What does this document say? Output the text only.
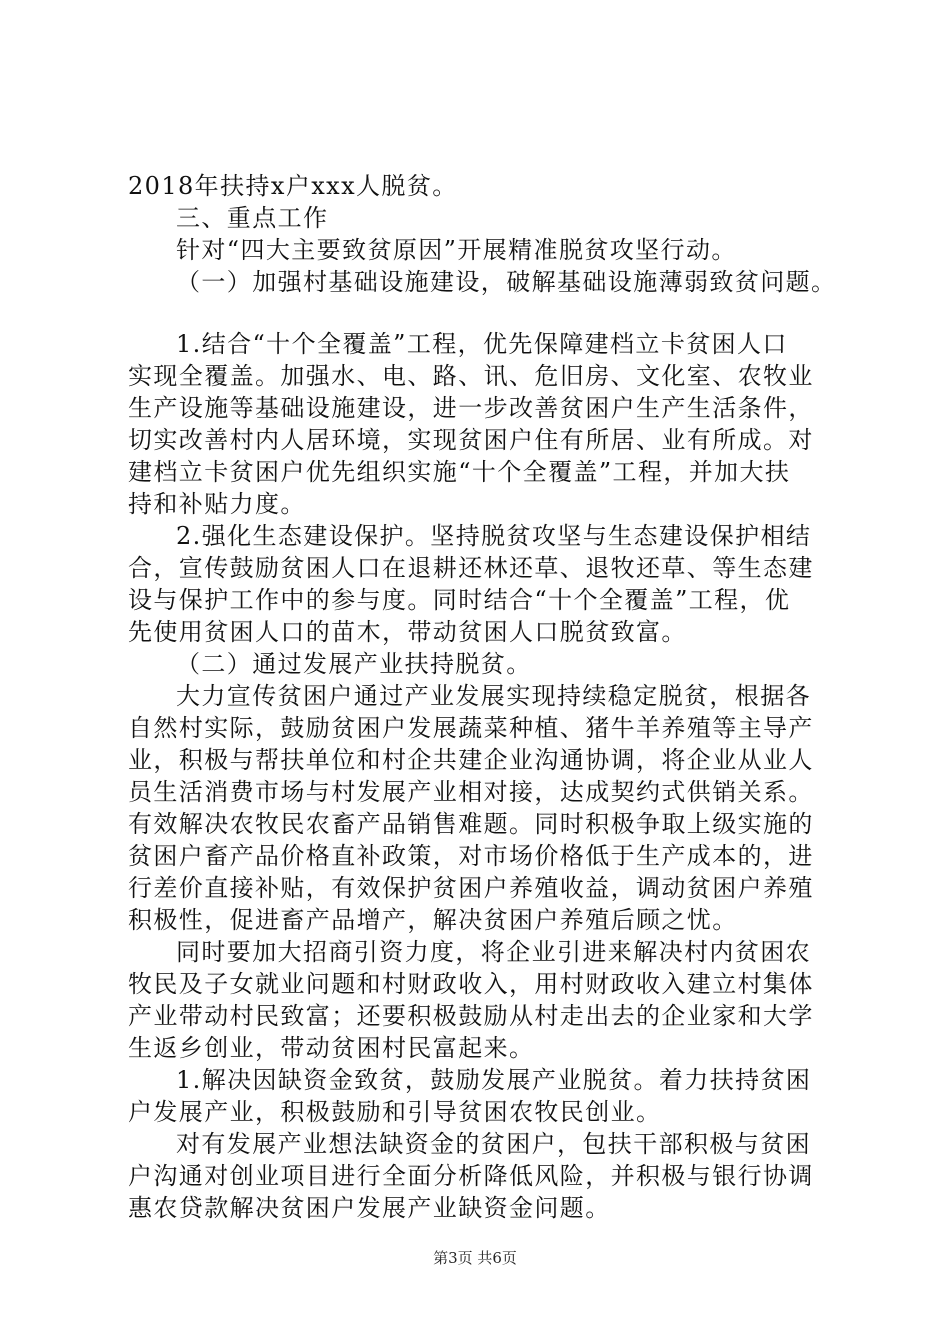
2018年扶持x户xxx人脱贫。
三、重点工作
针对“四大主要致贫原因”开展精准脱贫攻坚行动。
（一）加强村基础设施建设，破解基础设施薄弱致贫问题。
1.结合“十个全覆盖”工程，优先保障建档立卡贫困人口
实现全覆盖。加强水、电、路、讯、危旧房、文化室、农牧业
生产设施等基础设施建设，进一步改善贫困户生产生活条件，
切实改善村内人居环境，实现贫困户住有所居、业有所成。对
建档立卡贫困户优先组织实施“十个全覆盖”工程，并加大扶
持和补贴力度。
2.强化生态建设保护。坚持脱贫攻坚与生态建设保护相结
合，宣传鼓励贫困人口在退耕还林还草、退牧还草、等生态建
设与保护工作中的参与度。同时结合“十个全覆盖”工程，优
先使用贫困人口的苗木，带动贫困人口脱贫致富。
（二）通过发展产业扶持脱贫。
大力宣传贫困户通过产业发展实现持续稳定脱贫，根据各
自然村实际，鼓励贫困户发展蔬菜种植、猪牛羊养殖等主导产
业，积极与帮扶单位和村企共建企业沟通协调，将企业从业人
员生活消费市场与村发展产业相对接，达成契约式供销关系。
有效解决农牧民农畜产品销售难题。同时积极争取上级实施的
贫困户畜产品价格直补政策，对市场价格低于生产成本的，进
行差价直接补贴，有效保护贫困户养殖收益，调动贫困户养殖
积极性，促进畜产品增产，解决贫困户养殖后顾之忧。
同时要加大招商引资力度，将企业引进来解决村内贫困农
牧民及子女就业问题和村财政收入，用村财政收入建立村集体
产业带动村民致富；还要积极鼓励从村走出去的企业家和大学
生返乡创业，带动贫困村民富起来。
1.解决因缺资金致贫，鼓励发展产业脱贫。着力扶持贫困
户发展产业，积极鼓励和引导贫困农牧民创业。
对有发展产业想法缺资金的贫困户，包扶干部积极与贫困
户沟通对创业项目进行全面分析降低风险，并积极与银行协调
惠农贷款解决贫困户发展产业缺资金问题。
第3页 共6页
